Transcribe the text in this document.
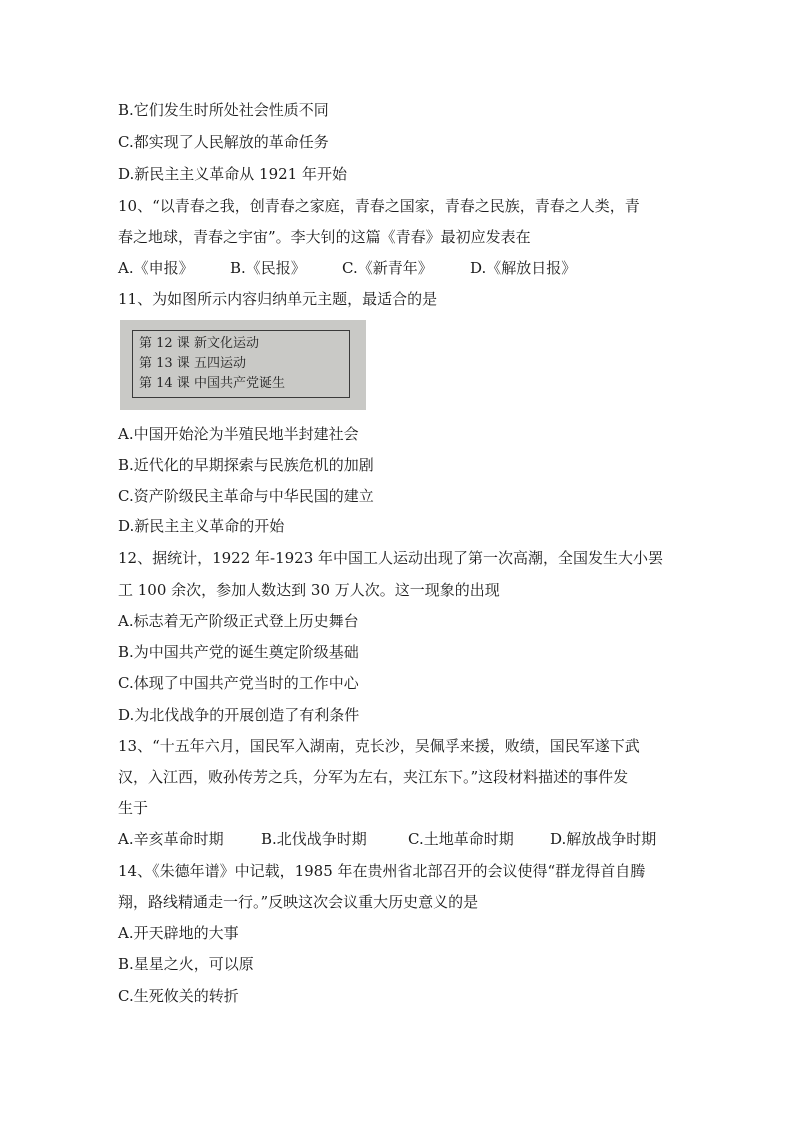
B.它们发生时所处社会性质不同
C.都实现了人民解放的革命任务
D.新民主主义革命从 1921 年开始
10、“以青春之我，创青春之家庭，青春之国家，青春之民族，青春之人类，青
春之地球，青春之宇宙”。李大钊的这篇《青春》最初应发表在
A.《申报》 B.《民报》 C.《新青年》 D.《解放日报》
11、为如图所示内容归纳单元主题，最适合的是
第 12 课 新文化运动
第 13 课 五四运动
第 14 课 中国共产党诞生
A.中国开始沦为半殖民地半封建社会
B.近代化的早期探索与民族危机的加剧
C.资产阶级民主革命与中华民国的建立
D.新民主主义革命的开始
12、据统计，1922 年-1923 年中国工人运动出现了第一次高潮，全国发生大小罢
工 100 余次，参加人数达到 30 万人次。这一现象的出现
A.标志着无产阶级正式登上历史舞台
B.为中国共产党的诞生奠定阶级基础
C.体现了中国共产党当时的工作中心
D.为北伐战争的开展创造了有利条件
13、“十五年六月，国民军入湖南，克长沙，吴佩孚来援，败绩，国民军遂下武
汉，入江西，败孙传芳之兵，分军为左右，夹江东下。”这段材料描述的事件发
生于
A.辛亥革命时期 B.北伐战争时期	C.土地革命时期 D.解放战争时期
14、《朱德年谱》中记载，1985 年在贵州省北部召开的会议使得“群龙得首自腾
翔，路线精通走一行。”反映这次会议重大历史意义的是
A.开天辟地的大事
B.星星之火，可以原
C.生死攸关的转折
